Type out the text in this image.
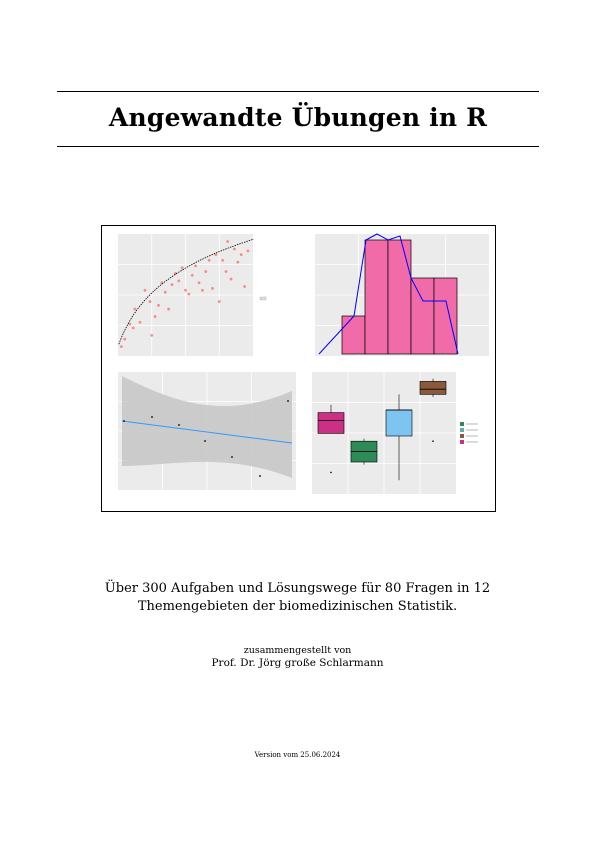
Angewandte Übungen in R
Über 300 Aufgaben und Lösungswege für 80 Fragen in 12 Themengebieten der biomedizinischen Statistik.
zusammengestellt von
Prof. Dr. Jörg große Schlarmann
Version vom 25.06.2024
